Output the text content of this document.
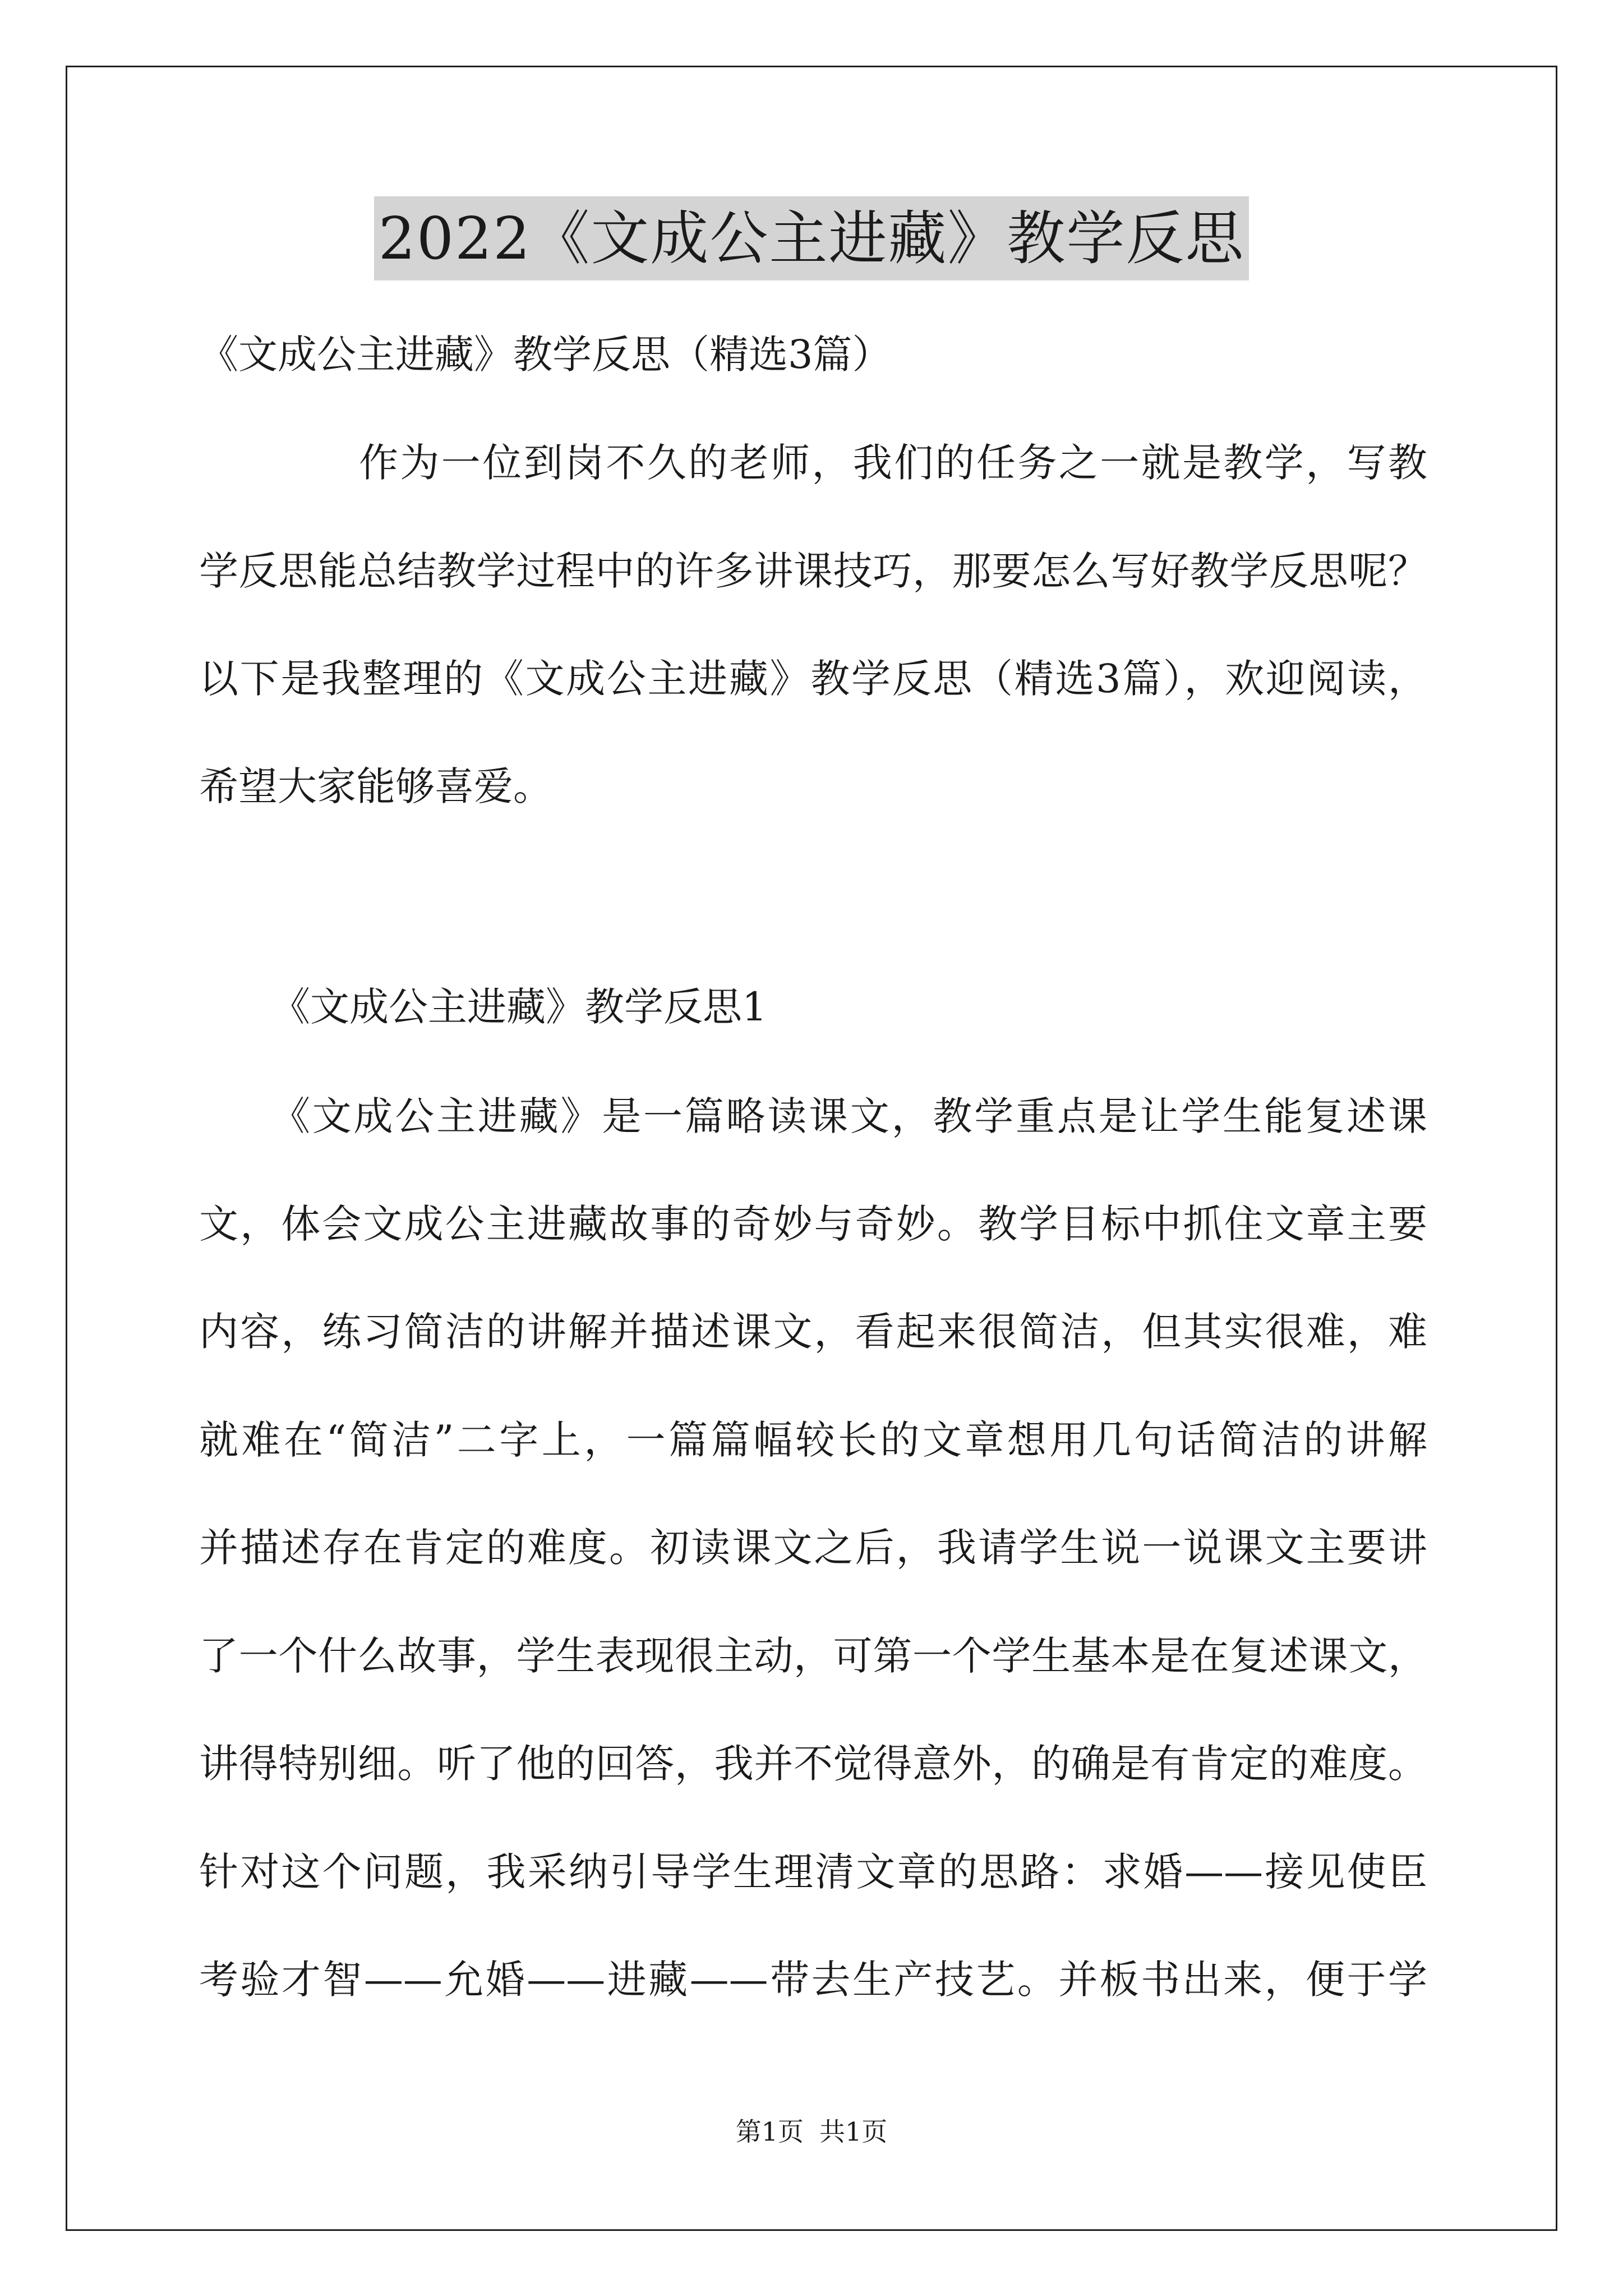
2022《文成公主进藏》教学反思
《文成公主进藏》教学反思（精选3篇）
作为一位到岗不久的老师，我们的任务之一就是教学，写教
学反思能总结教学过程中的许多讲课技巧，那要怎么写好教学反思呢？
以下是我整理的《文成公主进藏》教学反思（精选3篇），欢迎阅读，
希望大家能够喜爱。
《文成公主进藏》教学反思1
《文成公主进藏》是一篇略读课文，教学重点是让学生能复述课
文，体会文成公主进藏故事的奇妙与奇妙。教学目标中抓住文章主要
内容，练习简洁的讲解并描述课文，看起来很简洁，但其实很难，难
就难在“简洁”二字上，一篇篇幅较长的文章想用几句话简洁的讲解
并描述存在肯定的难度。初读课文之后，我请学生说一说课文主要讲
了一个什么故事，学生表现很主动，可第一个学生基本是在复述课文，
讲得特别细。听了他的回答，我并不觉得意外，的确是有肯定的难度。
针对这个问题，我采纳引导学生理清文章的思路：求婚——接见使臣
考验才智——允婚——进藏——带去生产技艺。并板书出来，便于学
第1页 共1页
